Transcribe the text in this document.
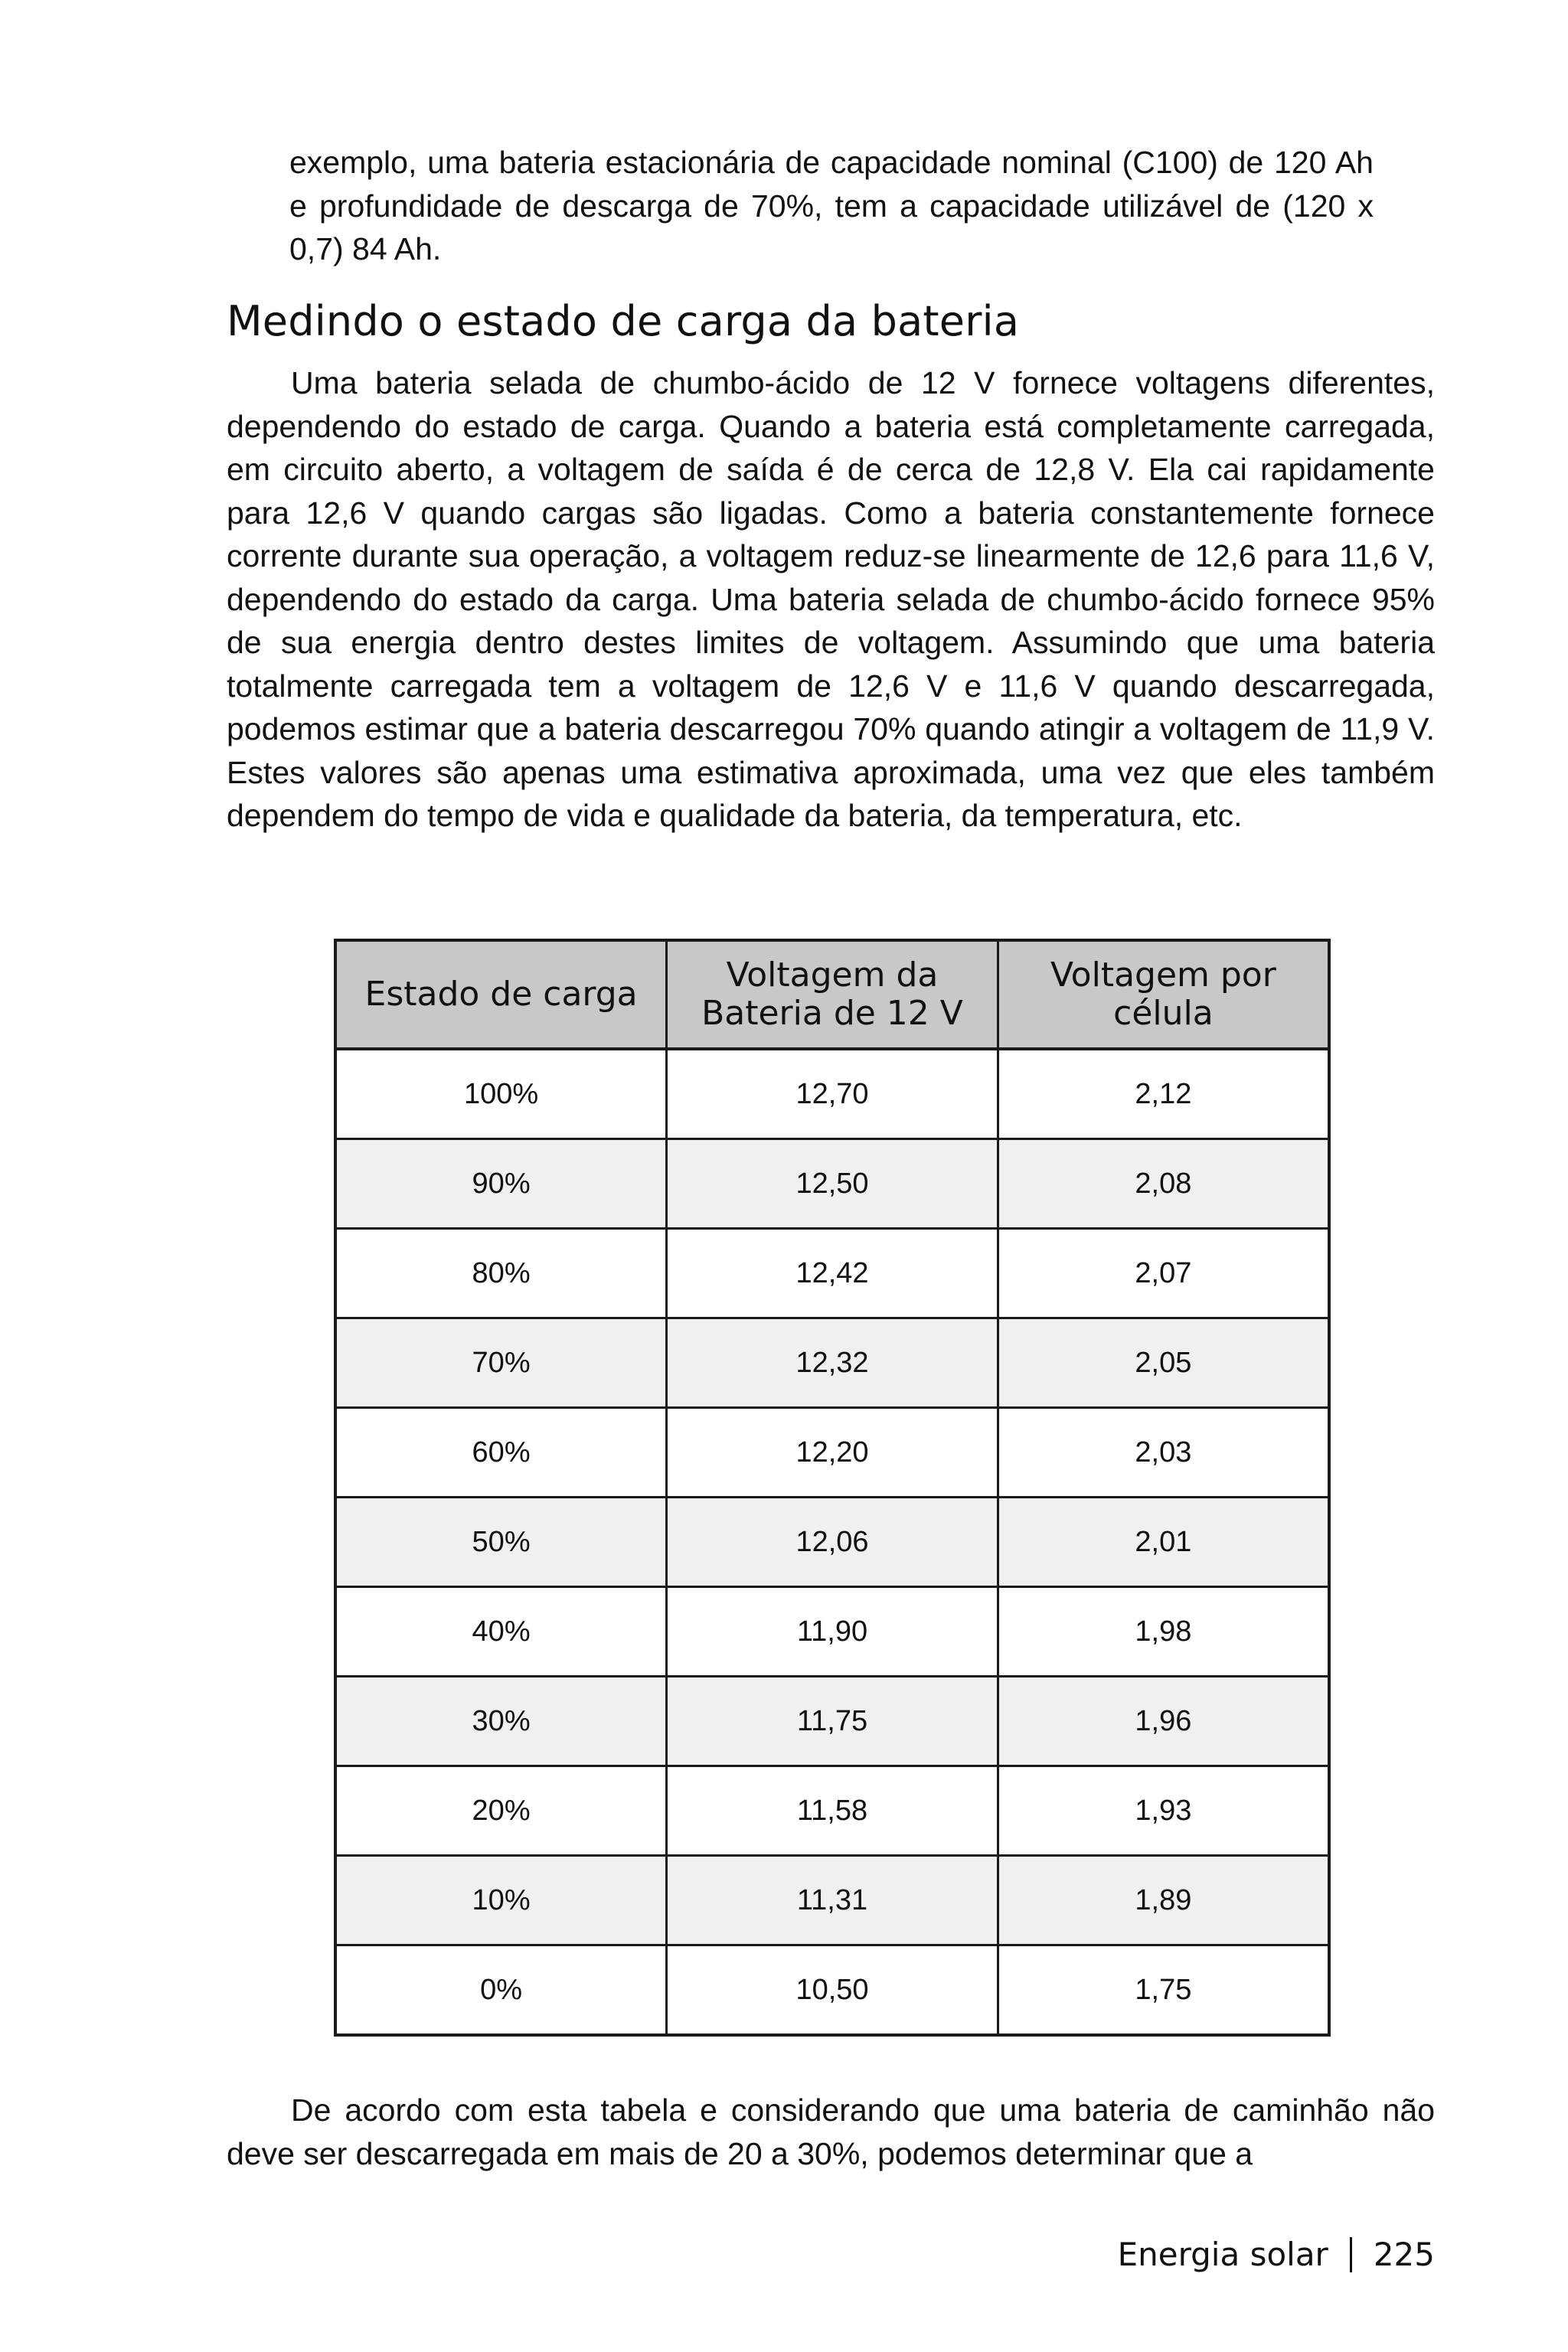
exemplo, uma bateria estacionária de capacidade nominal (C100) de 120 Ah e profundidade de descarga de 70%, tem a capacidade utilizável de (120 x 0,7) 84 Ah.

Medindo o estado de carga da bateria

Uma bateria selada de chumbo-ácido de 12 V fornece voltagens diferentes, dependendo do estado de carga. Quando a bateria está completamente carregada, em circuito aberto, a voltagem de saída é de cerca de 12,8 V. Ela cai rapidamente para 12,6 V quando cargas são ligadas. Como a bateria constantemente fornece corrente durante sua operação, a voltagem reduz-se linearmente de 12,6 para 11,6 V, dependendo do estado da carga. Uma bateria selada de chumbo-ácido fornece 95% de sua energia dentro destes limites de voltagem. Assumindo que uma bateria totalmente carregada tem a voltagem de 12,6 V e 11,6 V quando descarregada, podemos estimar que a bateria descarregou 70% quando atingir a voltagem de 11,9 V. Estes valores são apenas uma estimativa aproximada, uma vez que eles também dependem do tempo de vida e qualidade da bateria, da temperatura, etc.

Estado de carga	Voltagem da Bateria de 12 V	Voltagem por célula
100%	12,70	2,12
90%	12,50	2,08
80%	12,42	2,07
70%	12,32	2,05
60%	12,20	2,03
50%	12,06	2,01
40%	11,90	1,98
30%	11,75	1,96
20%	11,58	1,93
10%	11,31	1,89
0%	10,50	1,75

De acordo com esta tabela e considerando que uma bateria de caminhão não deve ser descarregada em mais de 20 a 30%, podemos determinar que a

Energia solar 225
